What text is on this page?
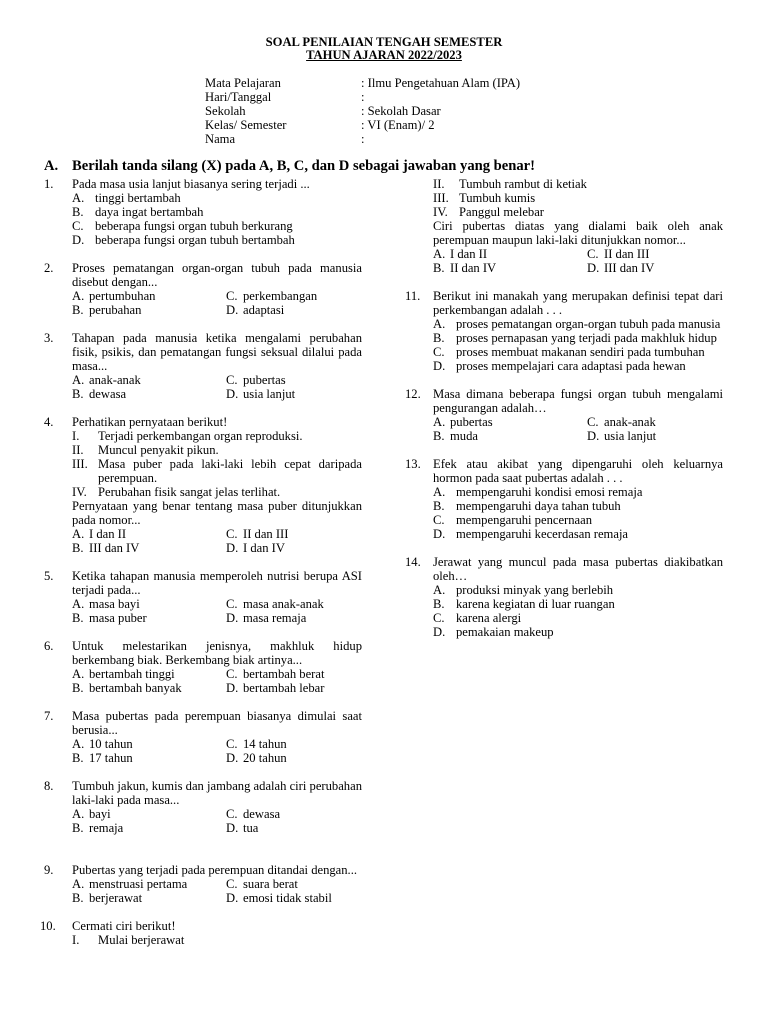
SOAL PENILAIAN TENGAH SEMESTER
TAHUN AJARAN 2022/2023
Mata Pelajaran	: Ilmu Pengetahuan Alam (IPA)
Hari/Tanggal	:
Sekolah	: Sekolah Dasar
Kelas/ Semester	: VI (Enam)/ 2
Nama	:
A. Berilah tanda silang (X) pada A, B, C, dan D sebagai jawaban yang benar!
1. Pada masa usia lanjut biasanya sering terjadi ...
A. tinggi bertambah
B. daya ingat bertambah
C. beberapa fungsi organ tubuh berkurang
D. beberapa fungsi organ tubuh bertambah
2. Proses pematangan organ-organ tubuh pada manusia disebut dengan...
A. pertumbuhan	C. perkembangan
B. perubahan	D. adaptasi
3. Tahapan pada manusia ketika mengalami perubahan fisik, psikis, dan pematangan fungsi seksual dilalui pada masa...
A. anak-anak	C. pubertas
B. dewasa	D. usia lanjut
4. Perhatikan pernyataan berikut!
I. Terjadi perkembangan organ reproduksi.
II. Muncul penyakit pikun.
III. Masa puber pada laki-laki lebih cepat daripada perempuan.
IV. Perubahan fisik sangat jelas terlihat.
Pernyataan yang benar tentang masa puber ditunjukkan pada nomor...
A. I dan II	C. II dan III
B. III dan IV	D. I dan IV
5. Ketika tahapan manusia memperoleh nutrisi berupa ASI terjadi pada...
A. masa bayi	C. masa anak-anak
B. masa puber	D. masa remaja
6. Untuk melestarikan jenisnya, makhluk hidup berkembang biak. Berkembang biak artinya...
A. bertambah tinggi	C. bertambah berat
B. bertambah banyak	D. bertambah lebar
7. Masa pubertas pada perempuan biasanya dimulai saat berusia...
A. 10 tahun	C. 14 tahun
B. 17 tahun	D. 20 tahun
8. Tumbuh jakun, kumis dan jambang adalah ciri perubahan laki-laki pada masa...
A. bayi	C. dewasa
B. remaja	D. tua
9. Pubertas yang terjadi pada perempuan ditandai dengan...
A. menstruasi pertama	C. suara berat
B. berjerawat	D. emosi tidak stabil
10. Cermati ciri berikut!
I. Mulai berjerawat
II. Tumbuh rambut di ketiak
III. Tumbuh kumis
IV. Panggul melebar
Ciri pubertas diatas yang dialami baik oleh anak perempuan maupun laki-laki ditunjukkan nomor...
A. I dan II	C. II dan III
B. II dan IV	D. III dan IV
11. Berikut ini manakah yang merupakan definisi tepat dari perkembangan adalah . . .
A. proses pematangan organ-organ tubuh pada manusia
B. proses pernapasan yang terjadi pada makhluk hidup
C. proses membuat makanan sendiri pada tumbuhan
D. proses mempelajari cara adaptasi pada hewan
12. Masa dimana beberapa fungsi organ tubuh mengalami pengurangan adalah…
A. pubertas	C. anak-anak
B. muda	D. usia lanjut
13. Efek atau akibat yang dipengaruhi oleh keluarnya hormon pada saat pubertas adalah . . .
A. mempengaruhi kondisi emosi remaja
B. mempengaruhi daya tahan tubuh
C. mempengaruhi pencernaan
D. mempengaruhi kecerdasan remaja
14. Jerawat yang muncul pada masa pubertas diakibatkan oleh…
A. produksi minyak yang berlebih
B. karena kegiatan di luar ruangan
C. karena alergi
D. pemakaian makeup
